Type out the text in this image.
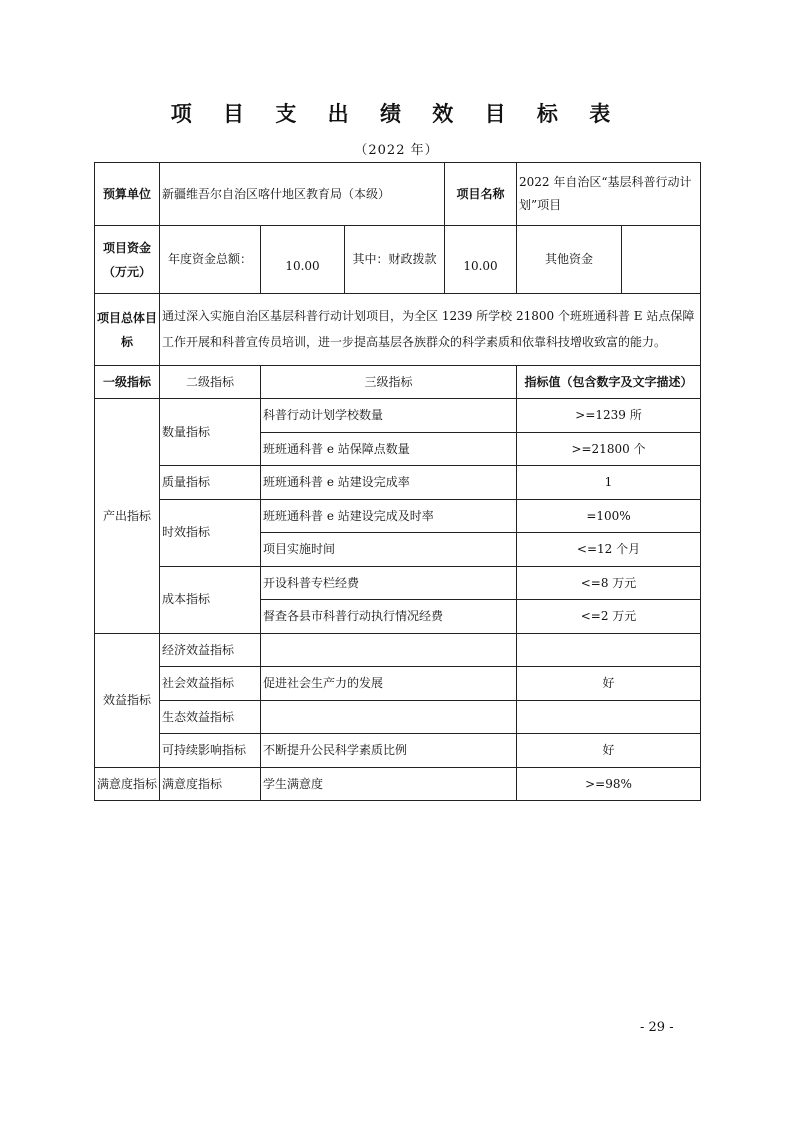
项 目 支 出 绩 效 目 标 表
（2022 年）
预算单位	新疆维吾尔自治区喀什地区教育局（本级）			项目名称	2022 年自治区“基层科普行动计划”项目	
项目资金（万元）	年度资金总额：	10.00	其中：财政拨款	10.00	其他资金	
项目总体目标	通过深入实施自治区基层科普行动计划项目，为全区 1239 所学校 21800 个班班通科普 E 站点保障工作开展和科普宣传员培训，进一步提高基层各族群众的科学素质和依靠科技增收致富的能力。					
一级指标	二级指标	三级指标			指标值（包含数字及文字描述）	
产出指标	数量指标	科普行动计划学校数量			>=1239 所	
		班班通科普 e 站保障点数量			>=21800 个	
	质量指标	班班通科普 e 站建设完成率			1	
	时效指标	班班通科普 e 站建设完成及时率			=100%	
		项目实施时间			<=12 个月	
	成本指标	开设科普专栏经费			<=8 万元	
		督查各县市科普行动执行情况经费			<=2 万元	
效益指标	经济效益指标					
	社会效益指标	促进社会生产力的发展			好	
	生态效益指标					
	可持续影响指标	不断提升公民科学素质比例			好	
满意度指标	满意度指标	学生满意度			>=98%	
- 29 -
